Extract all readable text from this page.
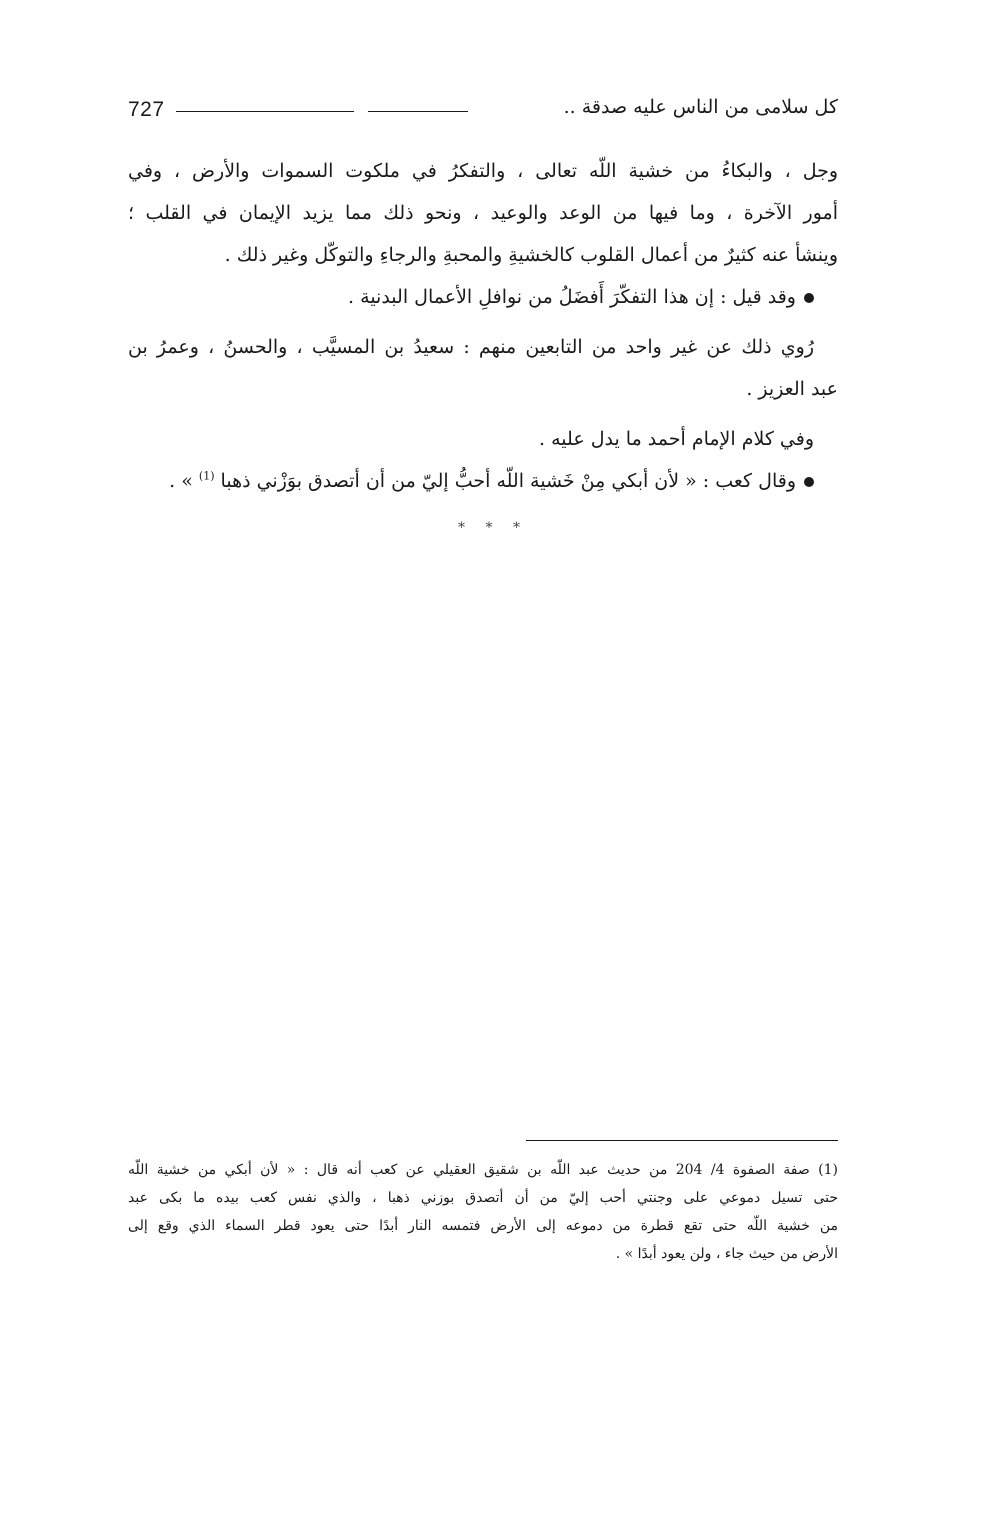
727	كل سلامى من الناس عليه صدقة ..
وجل ، والبكاءُ من خشية اللّه تعالى ، والتفكرُ في ملكوت السموات والأرض ، وفي
أمور الآخرة ، وما فيها من الوعد والوعيد ، ونحو ذلك مما يزيد الإيمان في القلب ؛
وينشأ عنه كثيرٌ من أعمال القلوب كالخشيةِ والمحبةِ والرجاءِ والتوكّل وغير ذلك .
وقد قيل : إن هذا التفكّرَ أَفضَلُ من نوافلِ الأعمال البدنية .
رُوي ذلك عن غير واحد من التابعين منهم : سعيدُ بن المسيَّب ، والحسنُ ، وعمرُ بن
عبد العزيز .
وفي كلام الإمام أحمد ما يدل عليه .
وقال كعب : « لأن أبكي مِنْ خَشية اللّه أحبُّ إليّ من أن أتصدق بوَزْني ذهبا $^{(1)}$ » .
* * *
(1) صفة الصفوة 4/ 204 من حديث عبد اللّه بن شقيق العقيلي عن كعب أنه قال : « لأن أبكي من خشية اللّه
حتى تسيل دموعي على وجنتي أحب إليّ من أن أتصدق بوزني ذهبا ، والذي نفس كعب بيده ما بكى عبد
من خشية اللّه حتى تقع قطرة من دموعه إلى الأرض فتمسه النار أبدًا حتى يعود قطر السماء الذي وقع إلى
الأرض من حيث جاء ، ولن يعود أبدًا » .
